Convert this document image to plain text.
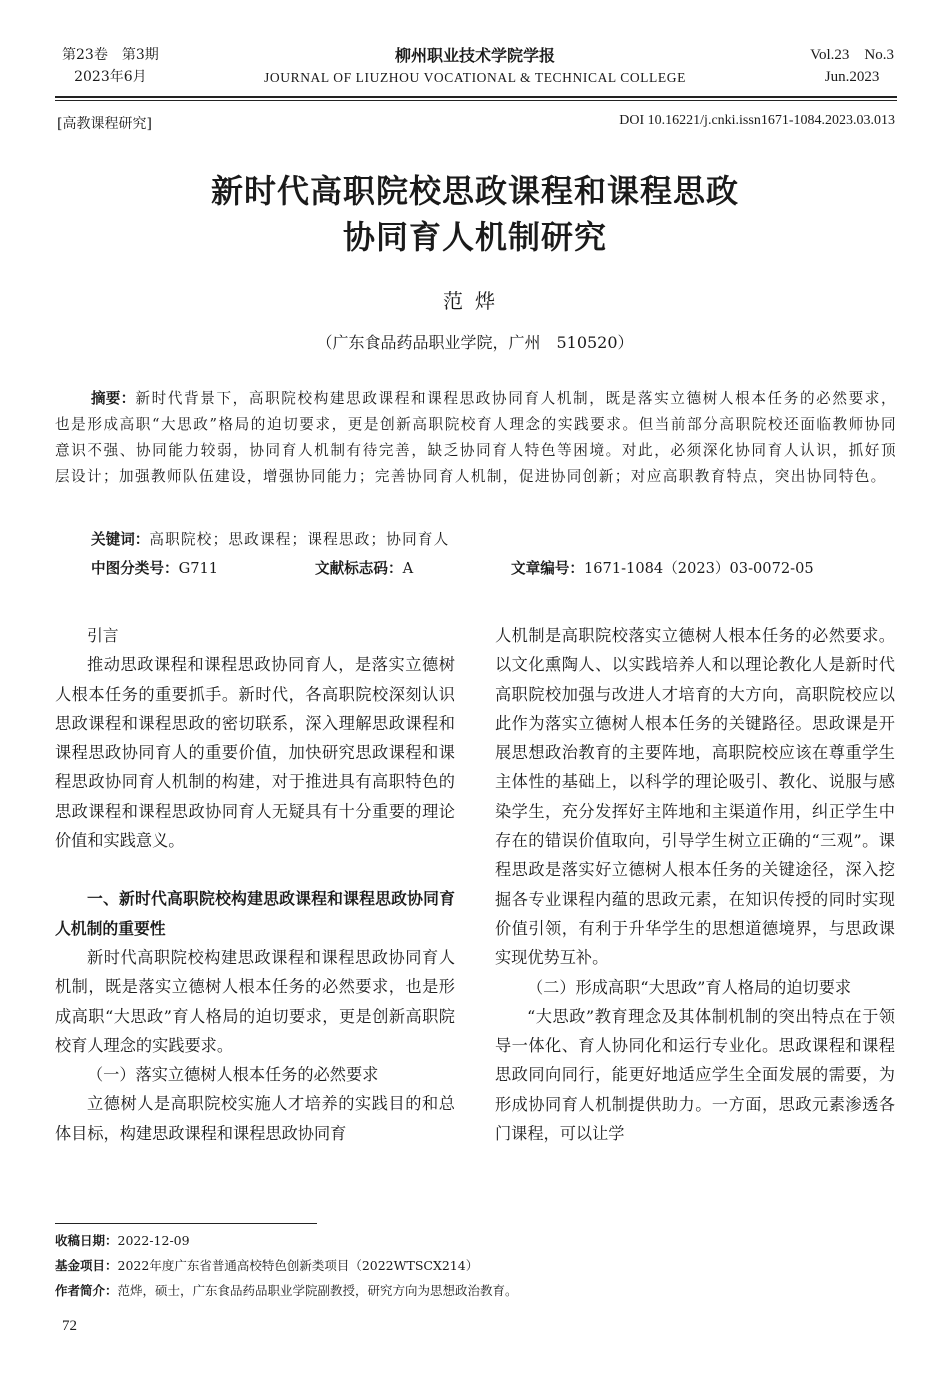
第23卷　第3期
2023年6月
柳州职业技术学院学报
JOURNAL OF LIUZHOU VOCATIONAL & TECHNICAL COLLEGE
Vol.23　No.3
Jun.2023
[高教课程研究]	DOI 10.16221/j.cnki.issn1671-1084.2023.03.013
新时代高职院校思政课程和课程思政
协同育人机制研究
范烨
（广东食品药品职业学院，广州　510520）

摘要：新时代背景下，高职院校构建思政课程和课程思政协同育人机制，既是落实立德树人根本任务的必然要求，也是形成高职“大思政”格局的迫切要求，更是创新高职院校育人理念的实践要求。但当前部分高职院校还面临教师协同意识不强、协同能力较弱，协同育人机制有待完善，缺乏协同育人特色等困境。对此，必须深化协同育人认识，抓好顶层设计；加强教师队伍建设，增强协同能力；完善协同育人机制，促进协同创新；对应高职教育特点，突出协同特色。

关键词：高职院校；思政课程；课程思政；协同育人
中图分类号：G711	文献标志码：A	文章编号：1671-1084（2023）03-0072-05

引言

推动思政课程和课程思政协同育人，是落实立德树人根本任务的重要抓手。新时代，各高职院校深刻认识思政课程和课程思政的密切联系，深入理解思政课程和课程思政协同育人的重要价值，加快研究思政课程和课程思政协同育人机制的构建，对于推进具有高职特色的思政课程和课程思政协同育人无疑具有十分重要的理论价值和实践意义。

一、新时代高职院校构建思政课程和课程思政协同育人机制的重要性

新时代高职院校构建思政课程和课程思政协同育人机制，既是落实立德树人根本任务的必然要求，也是形成高职“大思政”育人格局的迫切要求，更是创新高职院校育人理念的实践要求。

（一）落实立德树人根本任务的必然要求

立德树人是高职院校实施人才培养的实践目的和总体目标，构建思政课程和课程思政协同育

人机制是高职院校落实立德树人根本任务的必然要求。以文化熏陶人、以实践培养人和以理论教化人是新时代高职院校加强与改进人才培育的大方向，高职院校应以此作为落实立德树人根本任务的关键路径。思政课是开展思想政治教育的主要阵地，高职院校应该在尊重学生主体性的基础上，以科学的理论吸引、教化、说服与感染学生，充分发挥好主阵地和主渠道作用，纠正学生中存在的错误价值取向，引导学生树立正确的“三观”。课程思政是落实好立德树人根本任务的关键途径，深入挖掘各专业课程内蕴的思政元素，在知识传授的同时实现价值引领，有利于升华学生的思想道德境界，与思政课实现优势互补。

（二）形成高职“大思政”育人格局的迫切要求

“大思政”教育理念及其体制机制的突出特点在于领导一体化、育人协同化和运行专业化。思政课程和课程思政同向同行，能更好地适应学生全面发展的需要，为形成协同育人机制提供助力。一方面，思政元素渗透各门课程，可以让学

收稿日期：2022-12-09
基金项目：2022年度广东省普通高校特色创新类项目（2022WTSCX214）
作者简介：范烨，硕士，广东食品药品职业学院副教授，研究方向为思想政治教育。
72
